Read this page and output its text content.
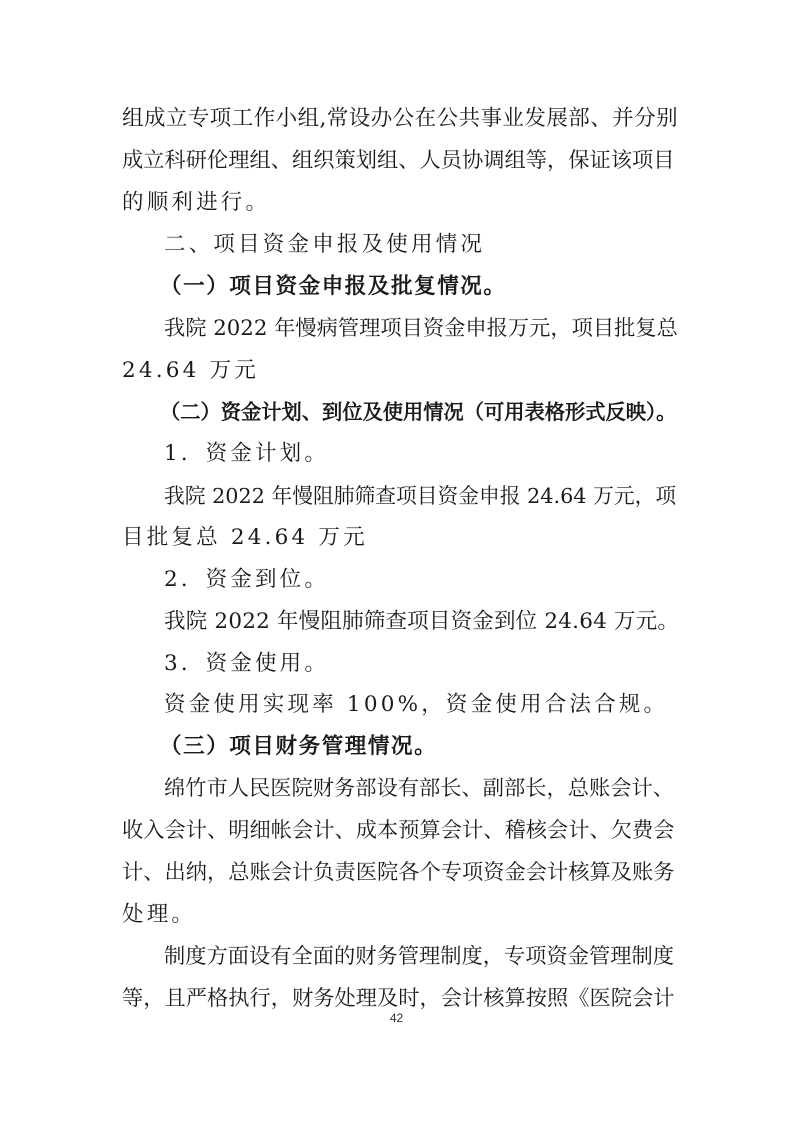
组成立专项工作小组,常设办公在公共事业发展部、并分别
成立科研伦理组、组织策划组、人员协调组等，保证该项目
的顺利进行。
二、项目资金申报及使用情况
（一）项目资金申报及批复情况。
我院 2022 年慢病管理项目资金申报万元，项目批复总
24.64 万元
（二）资金计划、到位及使用情况（可用表格形式反映）。
1．资金计划。
我院 2022 年慢阻肺筛查项目资金申报 24.64 万元，项
目批复总 24.64 万元
2．资金到位。
我院 2022 年慢阻肺筛查项目资金到位 24.64 万元。
3．资金使用。
资金使用实现率 100%，资金使用合法合规。
（三）项目财务管理情况。
绵竹市人民医院财务部设有部长、副部长，总账会计、
收入会计、明细帐会计、成本预算会计、稽核会计、欠费会
计、出纳，总账会计负责医院各个专项资金会计核算及账务
处理。
制度方面设有全面的财务管理制度，专项资金管理制度
等，且严格执行，财务处理及时，会计核算按照《医院会计
42
